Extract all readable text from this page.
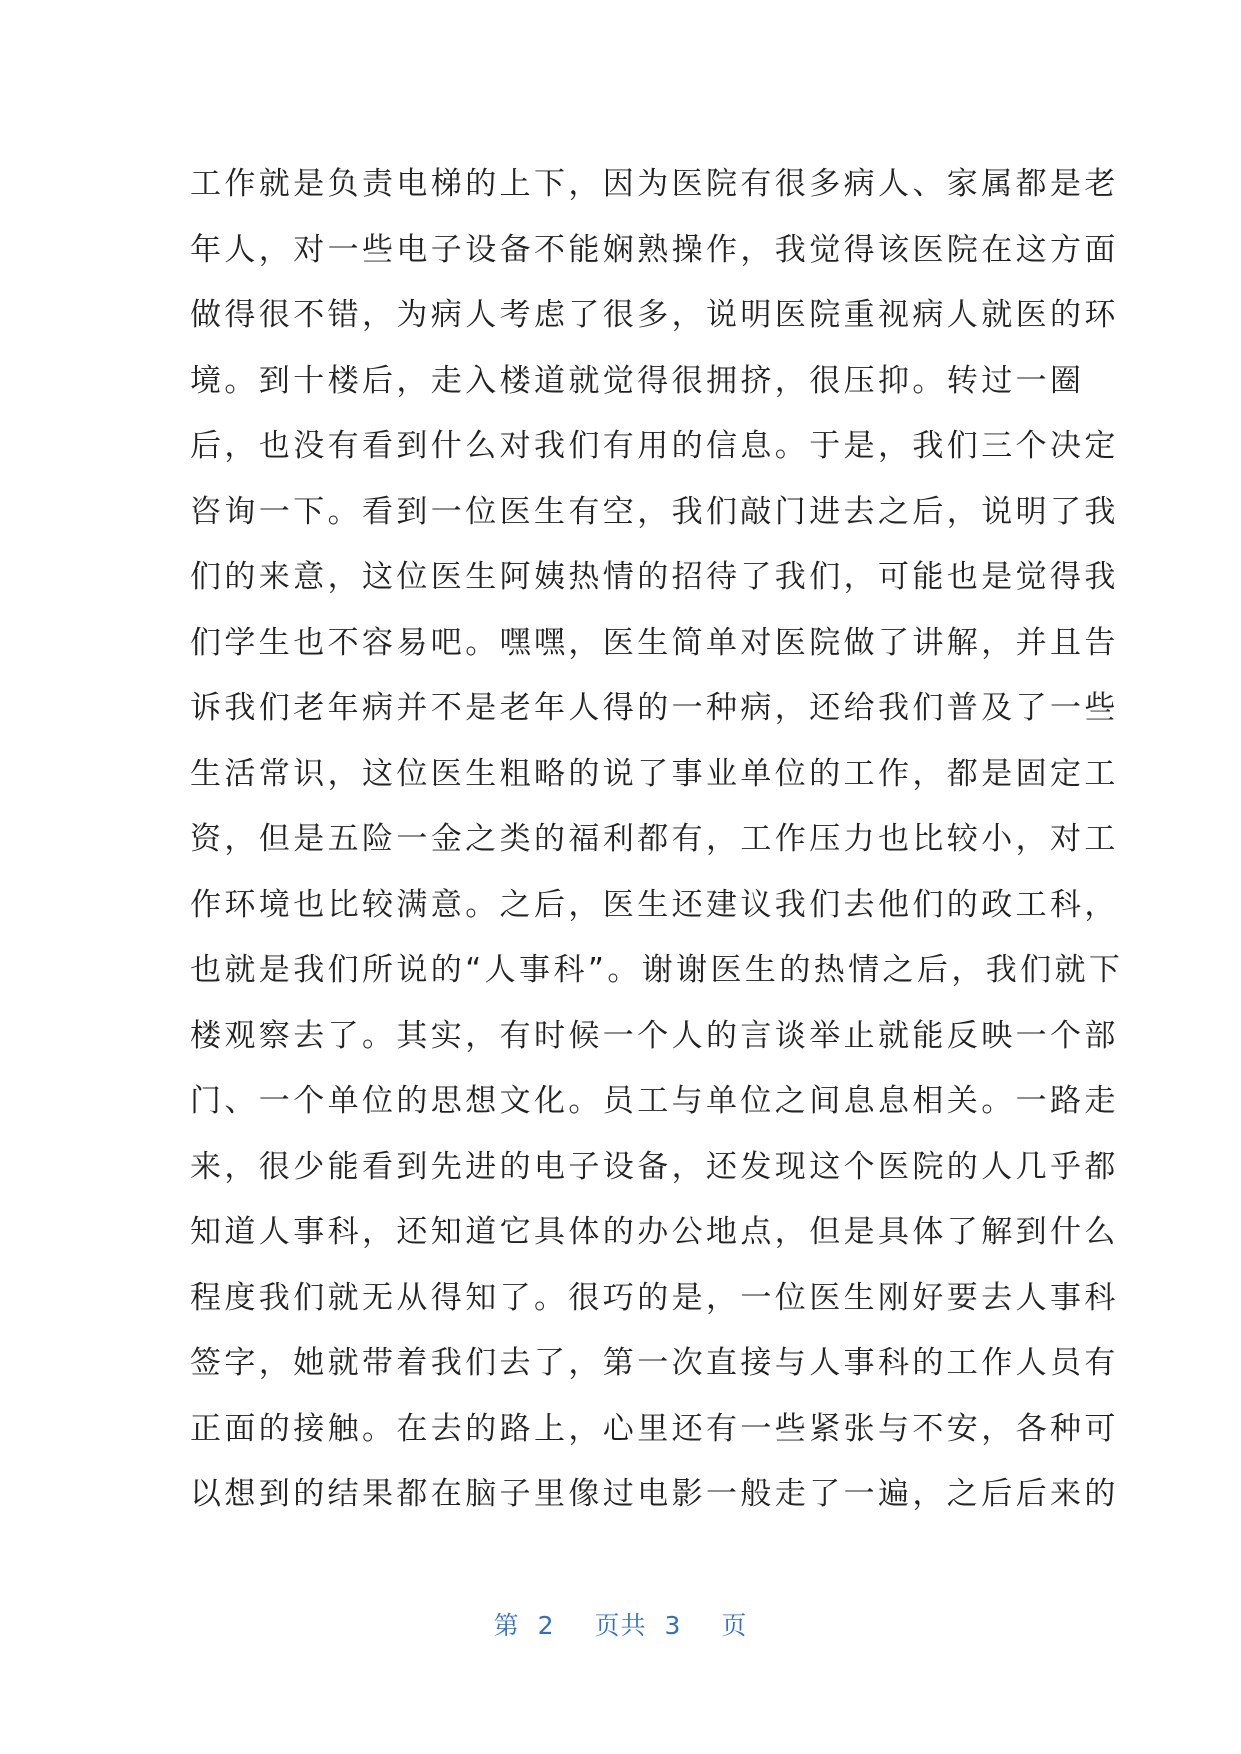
工作就是负责电梯的上下，因为医院有很多病人、家属都是老
年人，对一些电子设备不能娴熟操作，我觉得该医院在这方面
做得很不错，为病人考虑了很多，说明医院重视病人就医的环
境。到十楼后，走入楼道就觉得很拥挤，很压抑。转过一圈
后，也没有看到什么对我们有用的信息。于是，我们三个决定
咨询一下。看到一位医生有空，我们敲门进去之后，说明了我
们的来意，这位医生阿姨热情的招待了我们，可能也是觉得我
们学生也不容易吧。嘿嘿，医生简单对医院做了讲解，并且告
诉我们老年病并不是老年人得的一种病，还给我们普及了一些
生活常识，这位医生粗略的说了事业单位的工作，都是固定工
资，但是五险一金之类的福利都有，工作压力也比较小，对工
作环境也比较满意。之后，医生还建议我们去他们的政工科，
也就是我们所说的“人事科”。谢谢医生的热情之后，我们就下
楼观察去了。其实，有时候一个人的言谈举止就能反映一个部
门、一个单位的思想文化。员工与单位之间息息相关。一路走
来，很少能看到先进的电子设备，还发现这个医院的人几乎都
知道人事科，还知道它具体的办公地点，但是具体了解到什么
程度我们就无从得知了。很巧的是，一位医生刚好要去人事科
签字，她就带着我们去了，第一次直接与人事科的工作人员有
正面的接触。在去的路上，心里还有一些紧张与不安，各种可
以想到的结果都在脑子里像过电影一般走了一遍，之后后来的
第 2 页共 3 页
